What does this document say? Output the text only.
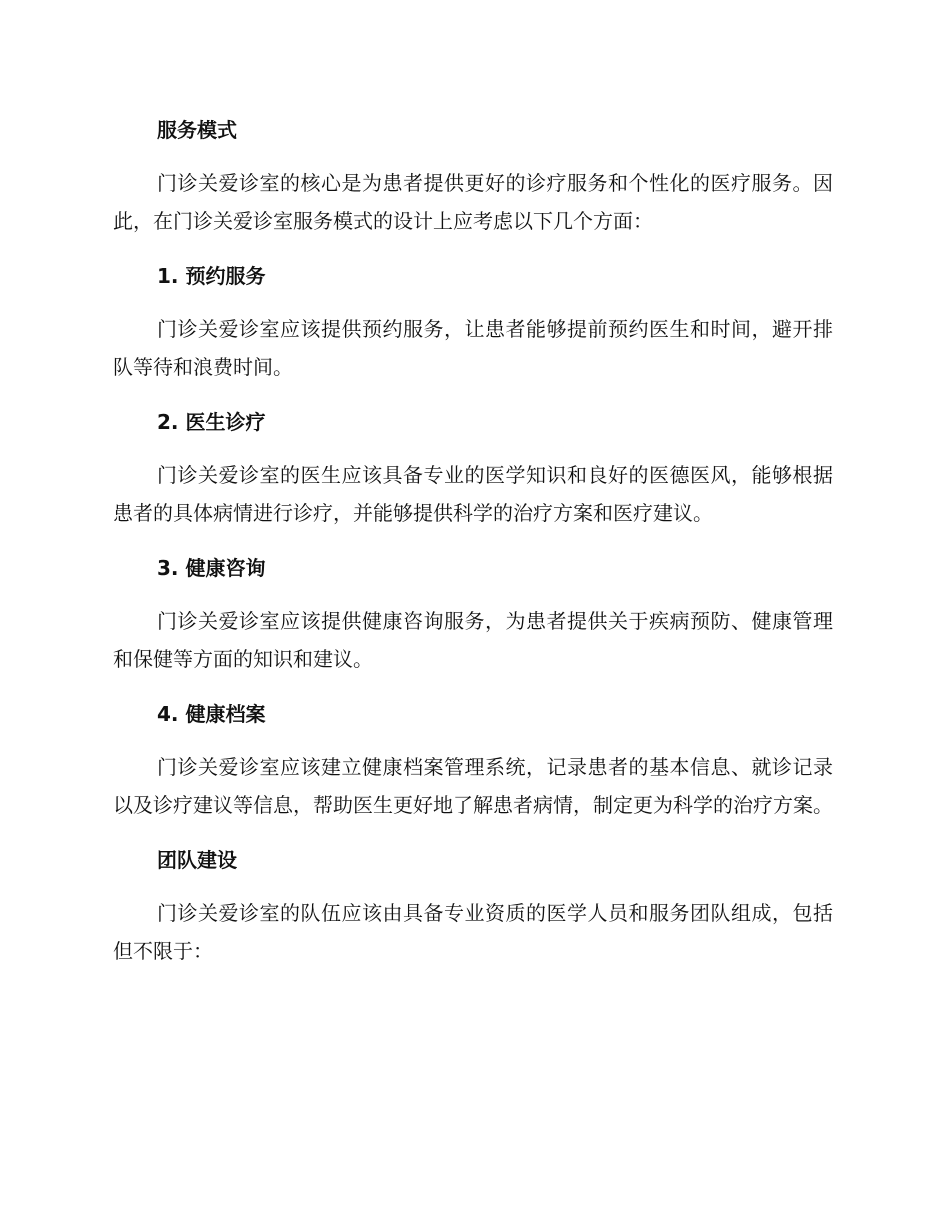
服务模式

门诊关爱诊室的核心是为患者提供更好的诊疗服务和个性化的医疗服务。因此，在门诊关爱诊室服务模式的设计上应考虑以下几个方面：

1. 预约服务

门诊关爱诊室应该提供预约服务，让患者能够提前预约医生和时间，避开排队等待和浪费时间。

2. 医生诊疗

门诊关爱诊室的医生应该具备专业的医学知识和良好的医德医风，能够根据患者的具体病情进行诊疗，并能够提供科学的治疗方案和医疗建议。

3. 健康咨询

门诊关爱诊室应该提供健康咨询服务，为患者提供关于疾病预防、健康管理和保健等方面的知识和建议。

4. 健康档案

门诊关爱诊室应该建立健康档案管理系统，记录患者的基本信息、就诊记录以及诊疗建议等信息，帮助医生更好地了解患者病情，制定更为科学的治疗方案。

团队建设

门诊关爱诊室的队伍应该由具备专业资质的医学人员和服务团队组成，包括但不限于：
